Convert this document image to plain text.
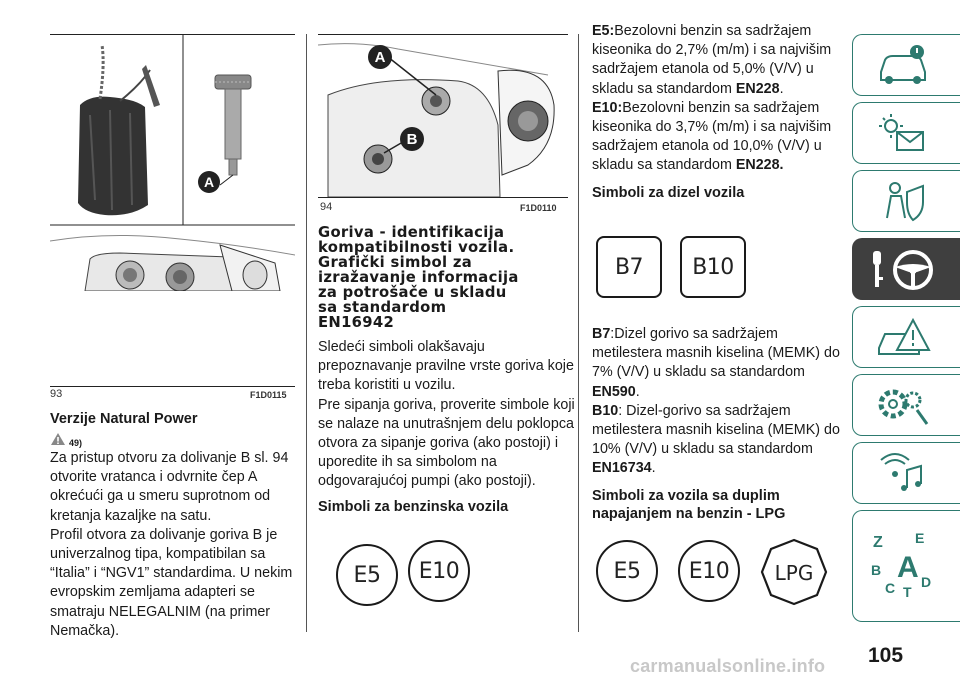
A
93	F1D0115
A
B
94	F1D0110
Verzije Natural Power
49)

Za pristup otvoru za dolivanje B sl. 94 otvorite vratanca i odvrnite čep A okrećući ga u smeru suprotnom od kretanja kazaljke na satu.

Profil otvora za dolivanje goriva B je univerzalnog tipa, kompatibilan sa “Italia” i “NGV1” standardima. U nekim evropskim zemljama adapteri se smatraju NELEGALNIM (na primer Nemačka).

Goriva - identifikacija
kompatibilnosti vozila.
Grafički simbol za
izražavanje informacija
za potrošače u skladu
sa standardom
EN16942

Sledeći simboli olakšavaju prepoznavanje pravilne vrste goriva koje treba koristiti u vozilu.

Pre sipanja goriva, proverite simbole koji se nalaze na unutrašnjem delu poklopca otvora za sipanje goriva (ako postoji) i uporedite ih sa simbolom na odgovarajućoj pumpi (ako postoji).

Simboli za benzinska vozila
E5 E10

E5:Bezolovni benzin sa sadržajem kiseonika do 2,7% (m/m) i sa najvišim sadržajem etanola od 5,0% (V/V) u skladu sa standardom EN228.

E10:Bezolovni benzin sa sadržajem kiseonika do 3,7% (m/m) i sa najvišim sadržajem etanola od 10,0% (V/V) u skladu sa standardom EN228.

Simboli za dizel vozila
B7 B10

B7:Dizel gorivo sa sadržajem metilestera masnih kiselina (MEMK) do 7% (V/V) u skladu sa standardom EN590.

B10: Dizel-gorivo sa sadržajem metilestera masnih kiselina (MEMK) do 10% (V/V) u skladu sa standardom EN16734.

Simboli za vozila sa duplim
napajanjem na benzin - LPG
E5 E10 LPG
Z E
B A
C T
D
105
carmanualsonline.info
